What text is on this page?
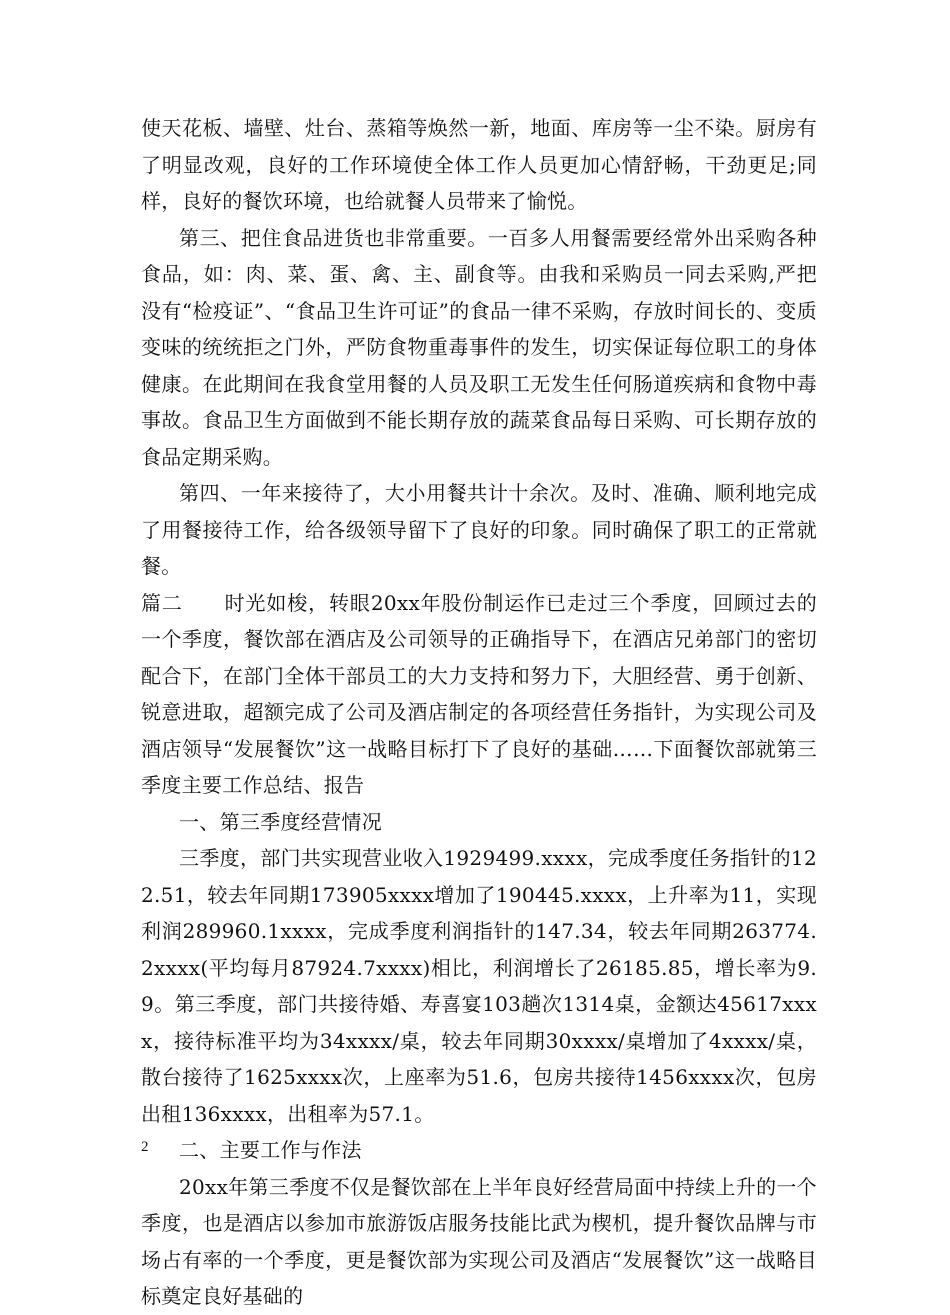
使天花板、墙壁、灶台、蒸箱等焕然一新，地面、库房等一尘不染。厨房有了明显改观，良好的工作环境使全体工作人员更加心情舒畅，干劲更足;同样，良好的餐饮环境，也给就餐人员带来了愉悦。

第三、把住食品进货也非常重要。一百多人用餐需要经常外出采购各种食品，如：肉、菜、蛋、禽、主、副食等。由我和采购员一同去采购,严把没有“检疫证”、“食品卫生许可证”的食品一律不采购，存放时间长的、变质变味的统统拒之门外，严防食物重毒事件的发生，切实保证每位职工的身体健康。在此期间在我食堂用餐的人员及职工无发生任何肠道疾病和食物中毒事故。食品卫生方面做到不能长期存放的蔬菜食品每日采购、可长期存放的食品定期采购。

第四、一年来接待了，大小用餐共计十余次。及时、准确、顺利地完成了用餐接待工作，给各级领导留下了良好的印象。同时确保了职工的正常就餐。

篇二　　时光如梭，转眼20xx年股份制运作已走过三个季度，回顾过去的一个季度，餐饮部在酒店及公司领导的正确指导下，在酒店兄弟部门的密切配合下，在部门全体干部员工的大力支持和努力下，大胆经营、勇于创新、锐意进取，超额完成了公司及酒店制定的各项经营任务指针，为实现公司及酒店领导“发展餐饮”这一战略目标打下了良好的基础……下面餐饮部就第三季度主要工作总结、报告

一、第三季度经营情况

三季度，部门共实现营业收入1929499.xxxx，完成季度任务指针的122.51，较去年同期173905xxxx增加了190445.xxxx，上升率为11，实现利润289960.1xxxx，完成季度利润指针的147.34，较去年同期263774.2xxxx(平均每月87924.7xxxx)相比，利润增长了26185.85，增长率为9.9。第三季度，部门共接待婚、寿喜宴103趟次1314桌，金额达45617xxxx，接待标准平均为34xxxx/桌，较去年同期30xxxx/桌增加了4xxxx/桌，散台接待了1625xxxx次，上座率为51.6，包房共接待1456xxxx次，包房出租136xxxx，出租率为57.1。

二、主要工作与作法

20xx年第三季度不仅是餐饮部在上半年良好经营局面中持续上升的一个季度，也是酒店以参加市旅游饭店服务技能比武为楔机，提升餐饮品牌与市场占有率的一个季度，更是餐饮部为实现公司及酒店“发展餐饮”这一战略目标奠定良好基础的

2
